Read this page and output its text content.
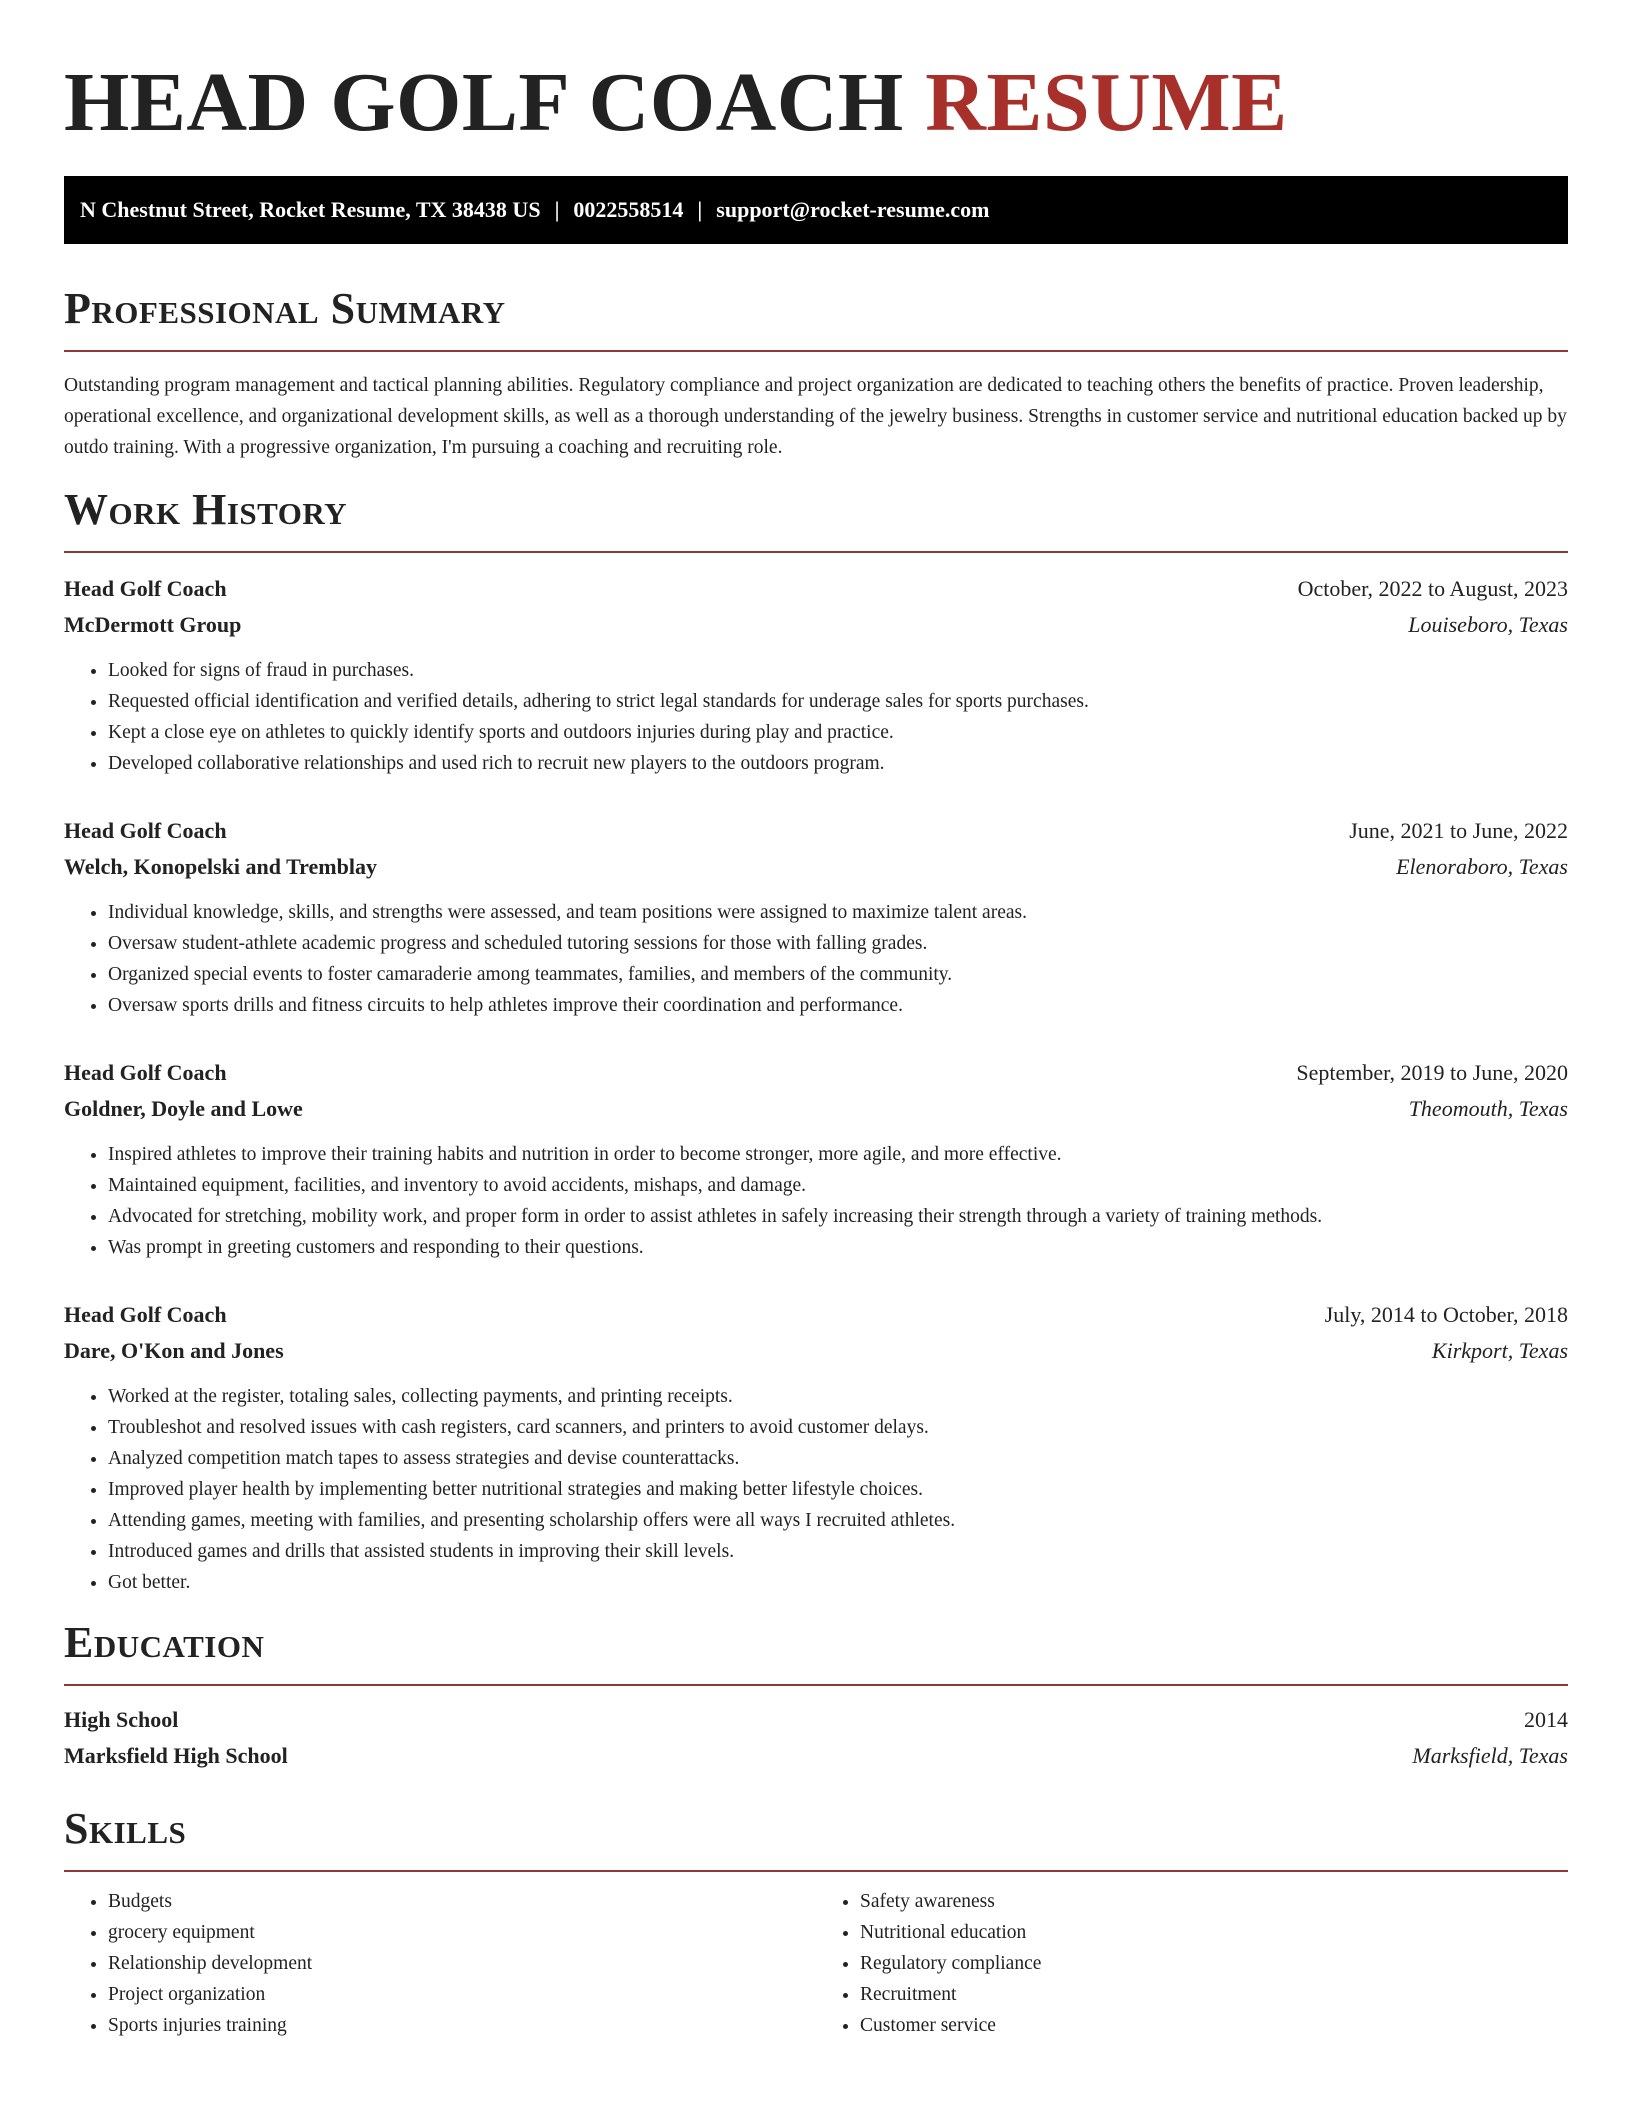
HEAD GOLF COACH RESUME
N Chestnut Street, Rocket Resume, TX 38438 US | 0022558514 | support@rocket-resume.com
Professional Summary

Outstanding program management and tactical planning abilities. Regulatory compliance and project organization are dedicated to teaching others the benefits of practice. Proven leadership, operational excellence, and organizational development skills, as well as a thorough understanding of the jewelry business. Strengths in customer service and nutritional education backed up by outdo training. With a progressive organization, I'm pursuing a coaching and recruiting role.

Work History
Head Golf Coach	October, 2022 to August, 2023
McDermott Group	Louiseboro, Texas
• Looked for signs of fraud in purchases.
• Requested official identification and verified details, adhering to strict legal standards for underage sales for sports purchases.
• Kept a close eye on athletes to quickly identify sports and outdoors injuries during play and practice.
• Developed collaborative relationships and used rich to recruit new players to the outdoors program.
Head Golf Coach	June, 2021 to June, 2022
Welch, Konopelski and Tremblay	Elenoraboro, Texas
• Individual knowledge, skills, and strengths were assessed, and team positions were assigned to maximize talent areas.
• Oversaw student-athlete academic progress and scheduled tutoring sessions for those with falling grades.
• Organized special events to foster camaraderie among teammates, families, and members of the community.
• Oversaw sports drills and fitness circuits to help athletes improve their coordination and performance.
Head Golf Coach	September, 2019 to June, 2020
Goldner, Doyle and Lowe	Theomouth, Texas
• Inspired athletes to improve their training habits and nutrition in order to become stronger, more agile, and more effective.
• Maintained equipment, facilities, and inventory to avoid accidents, mishaps, and damage.
• Advocated for stretching, mobility work, and proper form in order to assist athletes in safely increasing their strength through a variety of training methods.
• Was prompt in greeting customers and responding to their questions.
Head Golf Coach	July, 2014 to October, 2018
Dare, O'Kon and Jones	Kirkport, Texas
• Worked at the register, totaling sales, collecting payments, and printing receipts.
• Troubleshot and resolved issues with cash registers, card scanners, and printers to avoid customer delays.
• Analyzed competition match tapes to assess strategies and devise counterattacks.
• Improved player health by implementing better nutritional strategies and making better lifestyle choices.
• Attending games, meeting with families, and presenting scholarship offers were all ways I recruited athletes.
• Introduced games and drills that assisted students in improving their skill levels.
• Got better.
Education
High School	2014
Marksfield High School	Marksfield, Texas
Skills
• Budgets
• grocery equipment
• Relationship development
• Project organization
• Sports injuries training
• Safety awareness
• Nutritional education
• Regulatory compliance
• Recruitment
• Customer service
